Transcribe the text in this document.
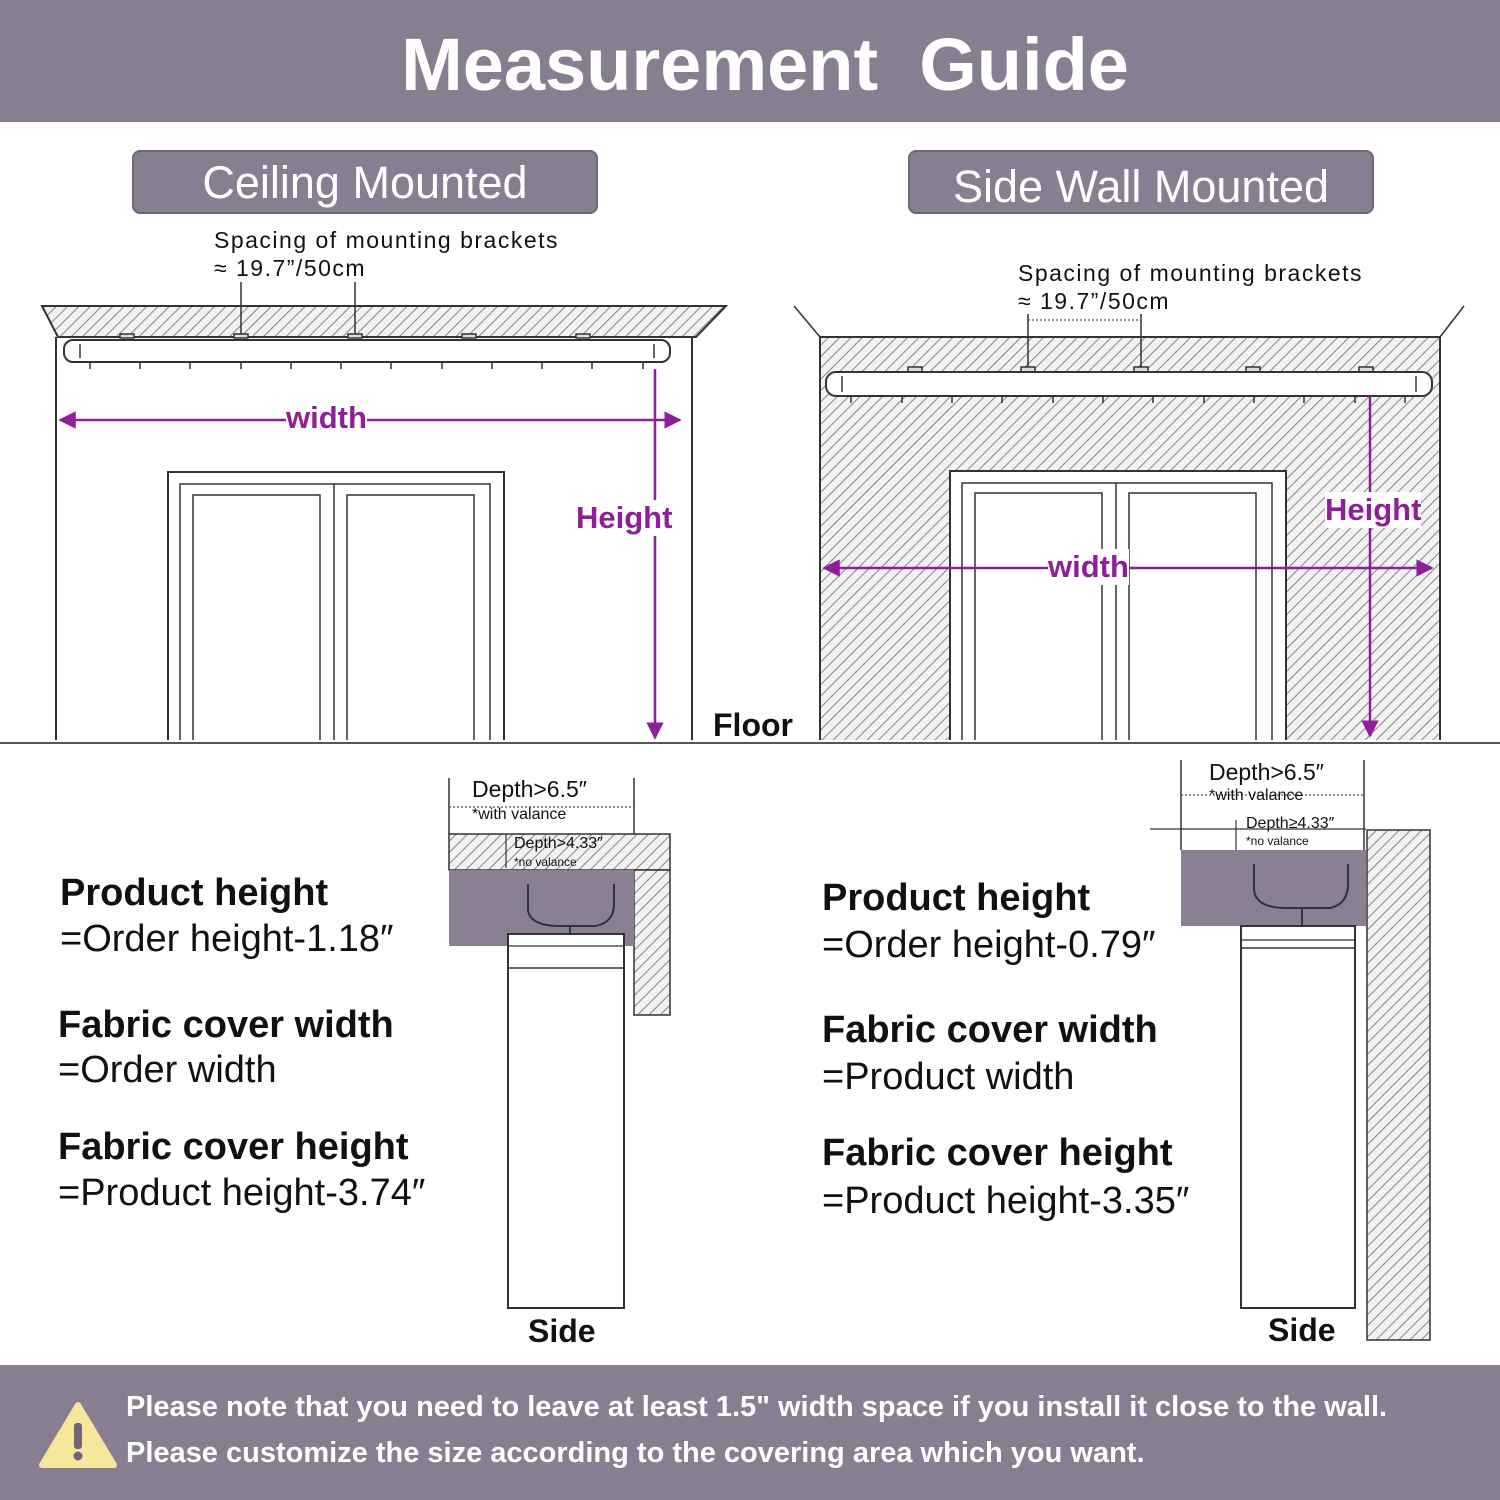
Measurement  Guide
Ceiling Mounted	Side Wall Mounted
Spacing of mounting brackets
≈ 19.7”/50cm
width
Height
Floor
Spacing of mounting brackets
≈ 19.7”/50cm
width
Height
Depth>6.5″
*with valance
Depth>4.33″
*no valance
Side
Product height
=Order height-1.18″
Fabric cover width
=Order width
Fabric cover height
=Product height-3.74″
Depth>6.5″
*with valance
Depth≥4.33″
*no valance
Side
Product height
=Order height-0.79″
Fabric cover width
=Product width
Fabric cover height
=Product height-3.35″
Please note that you need to leave at least 1.5" width space if you install it close to the wall.
Please customize the size according to the covering area which you want.
